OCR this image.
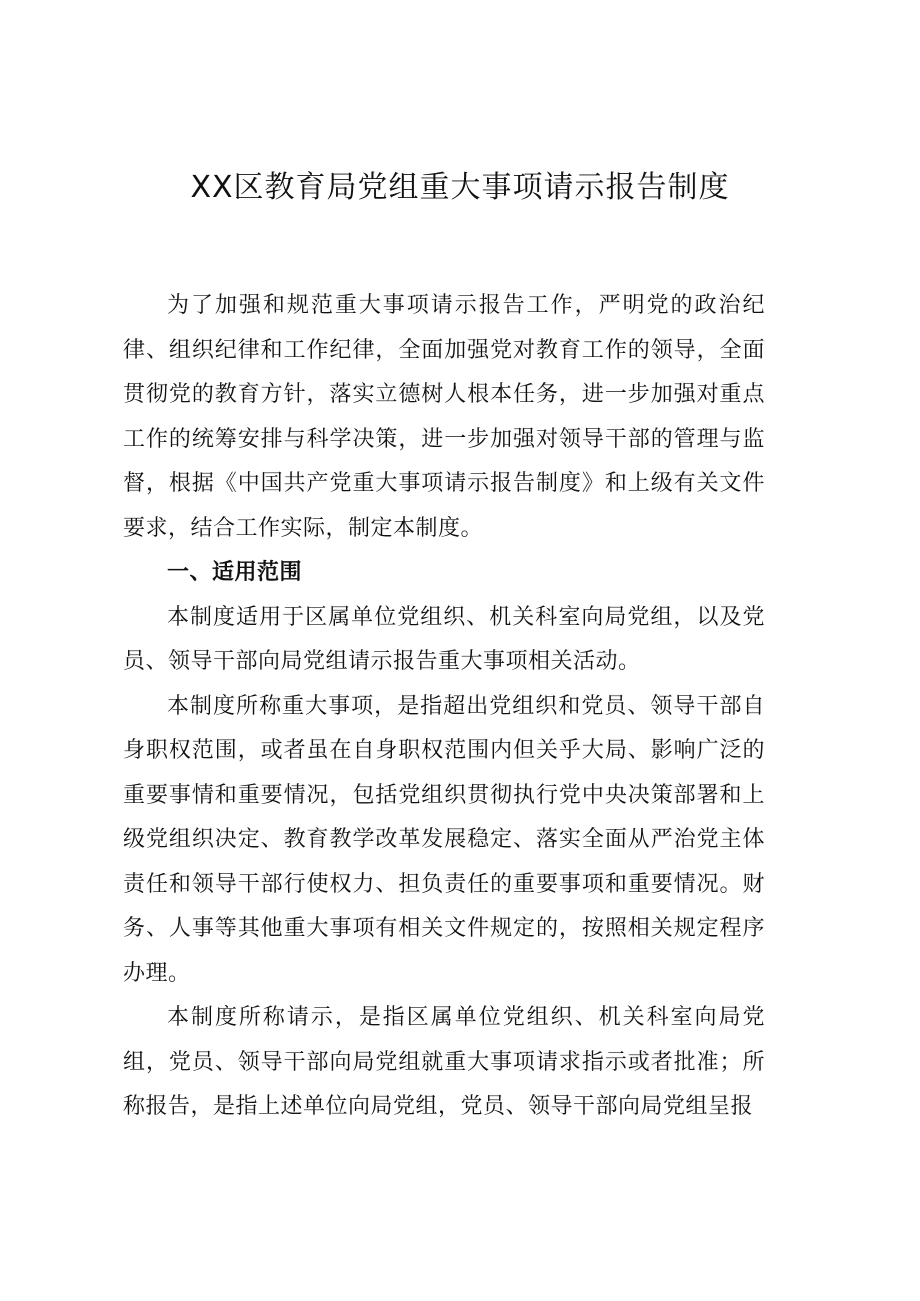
XX区教育局党组重大事项请示报告制度

为了加强和规范重大事项请示报告工作，严明党的政治纪律、组织纪律和工作纪律，全面加强党对教育工作的领导，全面贯彻党的教育方针，落实立德树人根本任务，进一步加强对重点工作的统筹安排与科学决策，进一步加强对领导干部的管理与监督，根据《中国共产党重大事项请示报告制度》和上级有关文件要求，结合工作实际，制定本制度。

一、适用范围

本制度适用于区属单位党组织、机关科室向局党组，以及党员、领导干部向局党组请示报告重大事项相关活动。

本制度所称重大事项，是指超出党组织和党员、领导干部自身职权范围，或者虽在自身职权范围内但关乎大局、影响广泛的重要事情和重要情况，包括党组织贯彻执行党中央决策部署和上级党组织决定、教育教学改革发展稳定、落实全面从严治党主体责任和领导干部行使权力、担负责任的重要事项和重要情况。财务、人事等其他重大事项有相关文件规定的，按照相关规定程序办理。

本制度所称请示，是指区属单位党组织、机关科室向局党组，党员、领导干部向局党组就重大事项请求指示或者批准；所称报告，是指上述单位向局党组，党员、领导干部向局党组呈报
